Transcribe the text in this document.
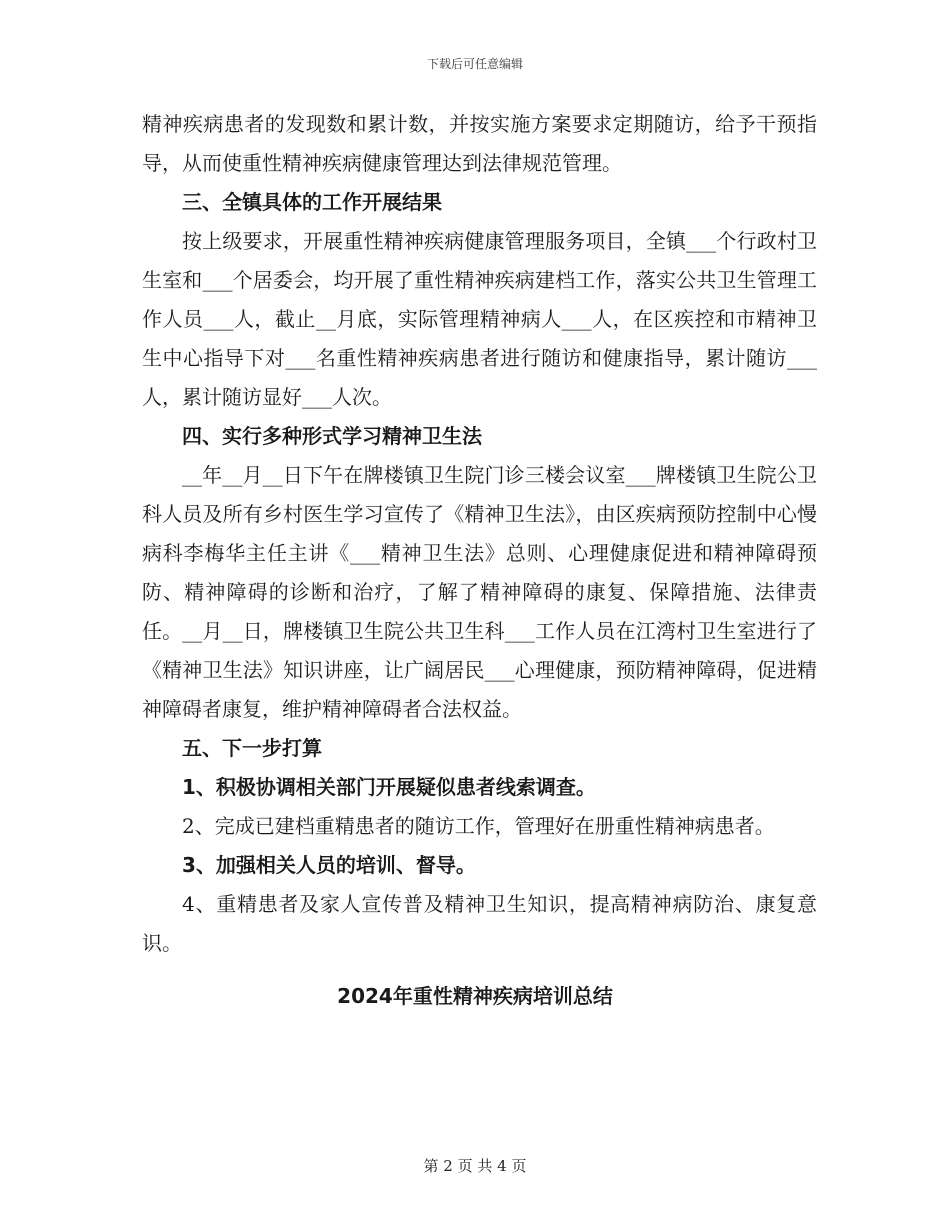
下载后可任意编辑

精神疾病患者的发现数和累计数，并按实施方案要求定期随访，给予干预指导，从而使重性精神疾病健康管理达到法律规范管理。

三、全镇具体的工作开展结果

按上级要求，开展重性精神疾病健康管理服务项目，全镇___个行政村卫生室和___个居委会，均开展了重性精神疾病建档工作，落实公共卫生管理工作人员___人，截止__月底，实际管理精神病人___人，在区疾控和市精神卫生中心指导下对___名重性精神疾病患者进行随访和健康指导，累计随访___人，累计随访显好___人次。

四、实行多种形式学习精神卫生法

__年__月__日下午在牌楼镇卫生院门诊三楼会议室___牌楼镇卫生院公卫科人员及所有乡村医生学习宣传了《精神卫生法》，由区疾病预防控制中心慢病科李梅华主任主讲《___精神卫生法》总则、心理健康促进和精神障碍预防、精神障碍的诊断和治疗，了解了精神障碍的康复、保障措施、法律责任。__月__日，牌楼镇卫生院公共卫生科___工作人员在江湾村卫生室进行了《精神卫生法》知识讲座，让广阔居民___心理健康，预防精神障碍，促进精神障碍者康复，维护精神障碍者合法权益。

五、下一步打算

1、积极协调相关部门开展疑似患者线索调查。

2、完成已建档重精患者的随访工作，管理好在册重性精神病患者。

3、加强相关人员的培训、督导。

4、重精患者及家人宣传普及精神卫生知识，提高精神病防治、康复意识。

2024年重性精神疾病培训总结
第 2 页 共 4 页
